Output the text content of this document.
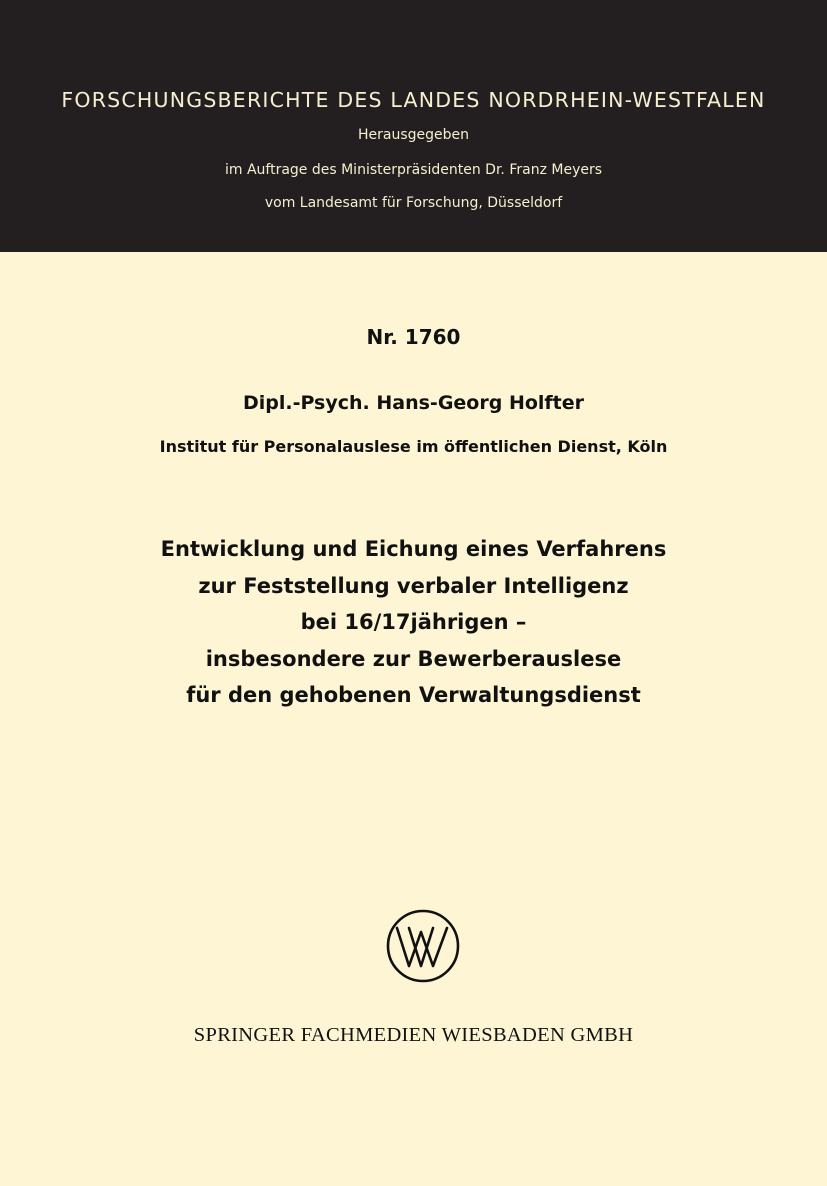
FORSCHUNGSBERICHTE DES LANDES NORDRHEIN-WESTFALEN
Herausgegeben
im Auftrage des Ministerpräsidenten Dr. Franz Meyers
vom Landesamt für Forschung, Düsseldorf
Nr. 1760
Dipl.-Psych. Hans-Georg Holfter
Institut für Personalauslese im öffentlichen Dienst, Köln
Entwicklung und Eichung eines Verfahrens
zur Feststellung verbaler Intelligenz
bei 16/17jährigen –
insbesondere zur Bewerberauslese
für den gehobenen Verwaltungsdienst
SPRINGER FACHMEDIEN WIESBADEN GMBH
